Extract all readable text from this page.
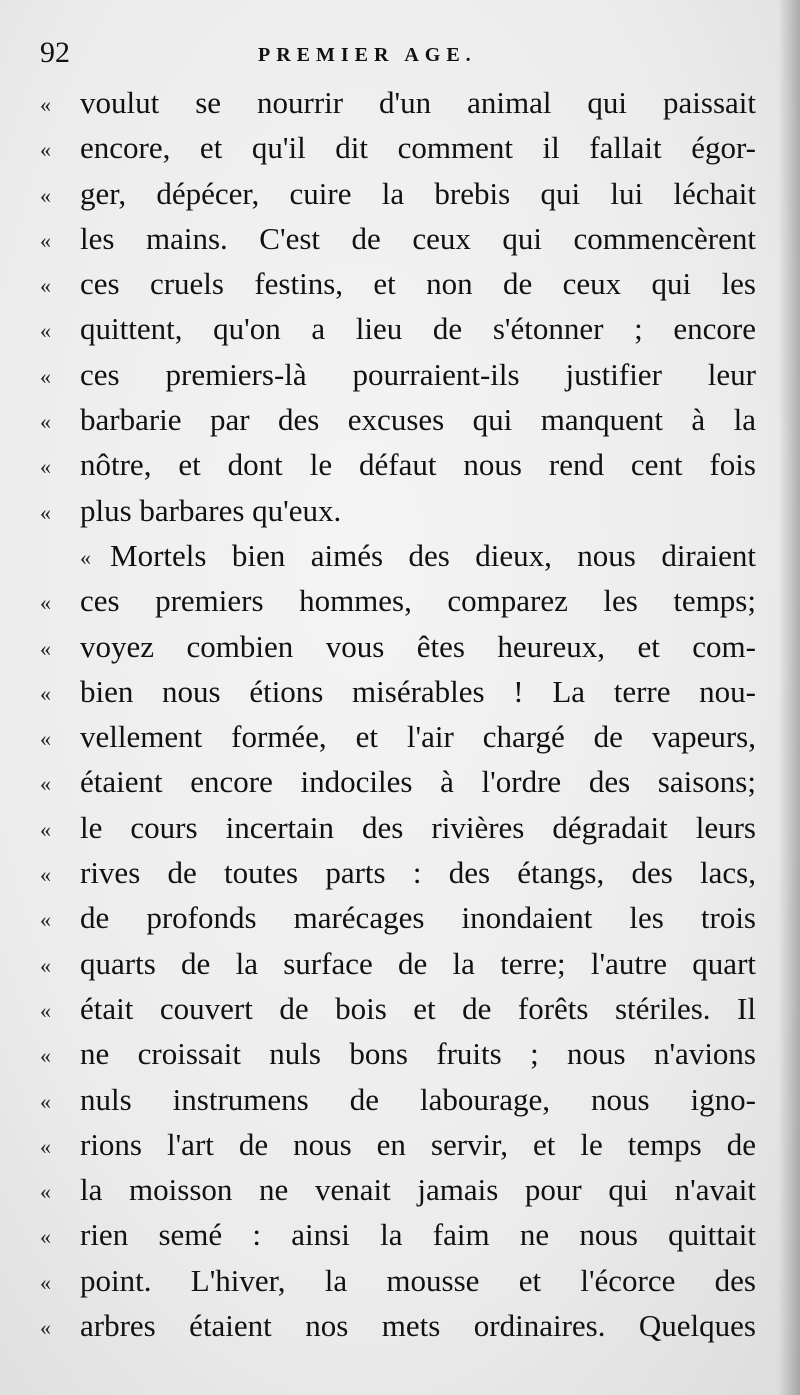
92	PREMIER AGE.
« voulut se nourrir d'un animal qui paissait
« encore, et qu'il dit comment il fallait égor-
« ger, dépécer, cuire la brebis qui lui léchait
« les mains. C'est de ceux qui commencèrent
« ces cruels festins, et non de ceux qui les
« quittent, qu'on a lieu de s'étonner ; encore
« ces premiers-là pourraient-ils justifier leur
« barbarie par des excuses qui manquent à la
« nôtre, et dont le défaut nous rend cent fois
« plus barbares qu'eux.
« Mortels bien aimés des dieux, nous diraient
« ces premiers hommes, comparez les temps;
« voyez combien vous êtes heureux, et com-
« bien nous étions misérables ! La terre nou-
« vellement formée, et l'air chargé de vapeurs,
« étaient encore indociles à l'ordre des saisons;
« le cours incertain des rivières dégradait leurs
« rives de toutes parts : des étangs, des lacs,
« de profonds marécages inondaient les trois
« quarts de la surface de la terre; l'autre quart
« était couvert de bois et de forêts stériles. Il
« ne croissait nuls bons fruits ; nous n'avions
« nuls instrumens de labourage, nous igno-
« rions l'art de nous en servir, et le temps de
« la moisson ne venait jamais pour qui n'avait
« rien semé : ainsi la faim ne nous quittait
« point. L'hiver, la mousse et l'écorce des
« arbres étaient nos mets ordinaires. Quelques
